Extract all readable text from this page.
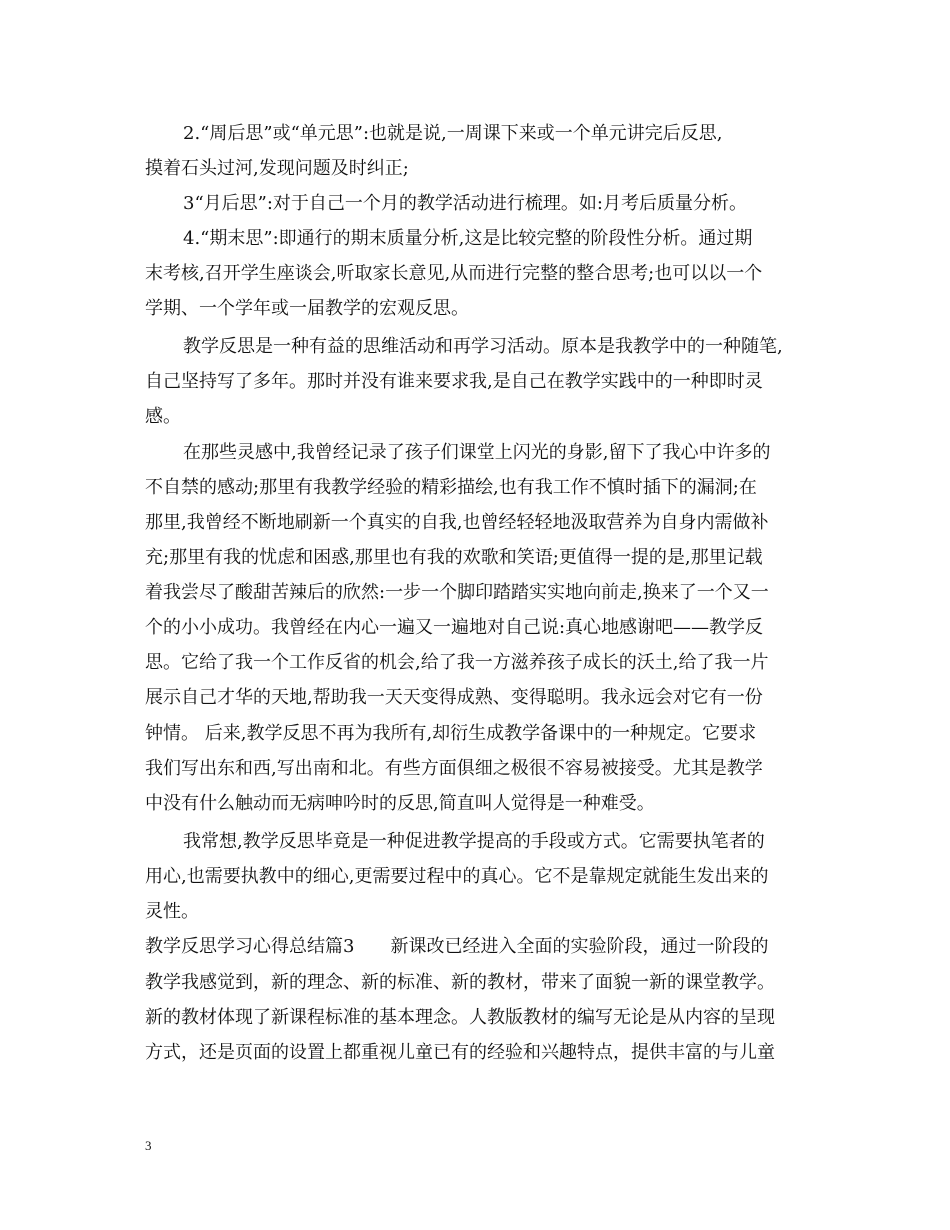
2.“周后思”或“单元思”:也就是说,一周课下来或一个单元讲完后反思,
摸着石头过河,发现问题及时纠正;
3“月后思”:对于自己一个月的教学活动进行梳理。如:月考后质量分析。
4.“期末思”:即通行的期末质量分析,这是比较完整的阶段性分析。通过期
末考核,召开学生座谈会,听取家长意见,从而进行完整的整合思考;也可以以一个
学期、一个学年或一届教学的宏观反思。
教学反思是一种有益的思维活动和再学习活动。原本是我教学中的一种随笔,
自己坚持写了多年。那时并没有谁来要求我,是自己在教学实践中的一种即时灵
感。
在那些灵感中,我曾经记录了孩子们课堂上闪光的身影,留下了我心中许多的
不自禁的感动;那里有我教学经验的精彩描绘,也有我工作不慎时插下的漏洞;在
那里,我曾经不断地刷新一个真实的自我,也曾经轻轻地汲取营养为自身内需做补
充;那里有我的忧虑和困惑,那里也有我的欢歌和笑语;更值得一提的是,那里记载
着我尝尽了酸甜苦辣后的欣然:一步一个脚印踏踏实实地向前走,换来了一个又一
个的小小成功。我曾经在内心一遍又一遍地对自己说:真心地感谢吧——教学反
思。它给了我一个工作反省的机会,给了我一方滋养孩子成长的沃土,给了我一片
展示自己才华的天地,帮助我一天天变得成熟、变得聪明。我永远会对它有一份
钟情。 后来,教学反思不再为我所有,却衍生成教学备课中的一种规定。它要求
我们写出东和西,写出南和北。有些方面俱细之极很不容易被接受。尤其是教学
中没有什么触动而无病呻吟时的反思,简直叫人觉得是一种难受。
我常想,教学反思毕竟是一种促进教学提高的手段或方式。它需要执笔者的
用心,也需要执教中的细心,更需要过程中的真心。它不是靠规定就能生发出来的
灵性。
教学反思学习心得总结篇3　　新课改已经进入全面的实验阶段，通过一阶段的
教学我感觉到，新的理念、新的标准、新的教材，带来了面貌一新的课堂教学。
新的教材体现了新课程标准的基本理念。人教版教材的编写无论是从内容的呈现
方式，还是页面的设置上都重视儿童已有的经验和兴趣特点，提供丰富的与儿童
3
